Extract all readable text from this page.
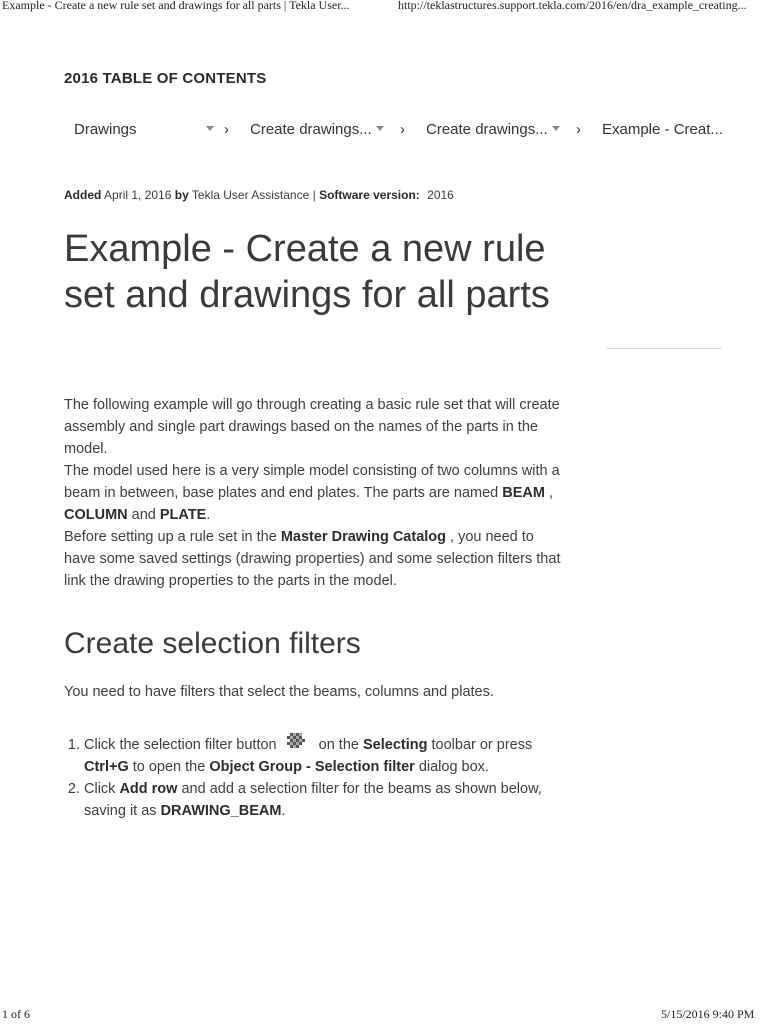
Example - Create a new rule set and drawings for all parts | Tekla User...	http://teklastructures.support.tekla.com/2016/en/dra_example_creating...
2016 TABLE OF CONTENTS
Drawings	› Create drawings... › Create drawings... › Example - Creat...
Added April 1, 2016 by Tekla User Assistance | Software version: 2016
Example - Create a new rule set and drawings for all parts

The following example will go through creating a basic rule set that will create assembly and single part drawings based on the names of the parts in the model.

The model used here is a very simple model consisting of two columns with a beam in between, base plates and end plates. The parts are named BEAM , COLUMN and PLATE.

Before setting up a rule set in the Master Drawing Catalog , you need to have some saved settings (drawing properties) and some selection filters that link the drawing properties to the parts in the model.

Create selection filters
You need to have filters that select the beams, columns and plates.
1. Click the selection filter button	on the Selecting toolbar or press Ctrl+G to open the Object Group - Selection filter dialog box.
2. Click Add row and add a selection filter for the beams as shown below, saving it as DRAWING_BEAM.
1 of 6	5/15/2016 9:40 PM
